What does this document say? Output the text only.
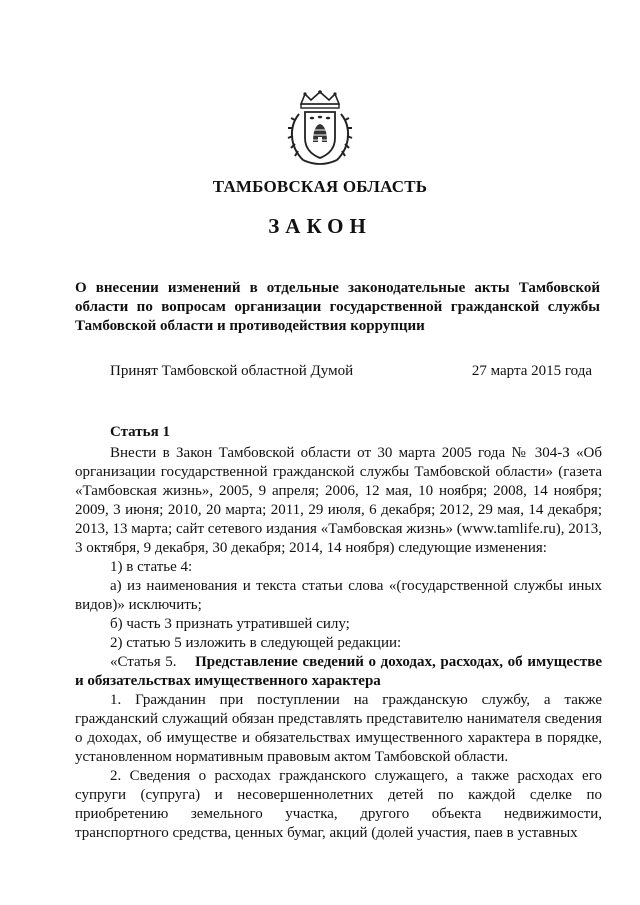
ТАМБОВСКАЯ ОБЛАСТЬ
ЗАКОН
О внесении изменений в отдельные законодательные акты Тамбовской области по вопросам организации государственной гражданской службы Тамбовской области и противодействия коррупции
Принят Тамбовской областной Думой	27 марта 2015 года
Статья 1

Внести в Закон Тамбовской области от 30 марта 2005 года № 304-З «Об организации государственной гражданской службы Тамбовской области» (газета «Тамбовская жизнь», 2005, 9 апреля; 2006, 12 мая, 10 ноября; 2008, 14 ноября; 2009, 3 июня; 2010, 20 марта; 2011, 29 июля, 6 декабря; 2012, 29 мая, 14 декабря; 2013, 13 марта; сайт сетевого издания «Тамбовская жизнь» (www.tamlife.ru), 2013, 3 октября, 9 декабря, 30 декабря; 2014, 14 ноября) следующие изменения:

1) в статье 4:

а) из наименования и текста статьи слова «(государственной службы иных видов)» исключить;

б) часть 3 признать утратившей силу;

2) статью 5 изложить в следующей редакции:

«Статья 5. Представление сведений о доходах, расходах, об имуществе и обязательствах имущественного характера

1. Гражданин при поступлении на гражданскую службу, а также гражданский служащий обязан представлять представителю нанимателя сведения о доходах, об имуществе и обязательствах имущественного характера в порядке, установленном нормативным правовым актом Тамбовской области.

2. Сведения о расходах гражданского служащего, а также расходах его супруги (супруга) и несовершеннолетних детей по каждой сделке по приобретению земельного участка, другого объекта недвижимости, транспортного средства, ценных бумаг, акций (долей участия, паев в уставных
